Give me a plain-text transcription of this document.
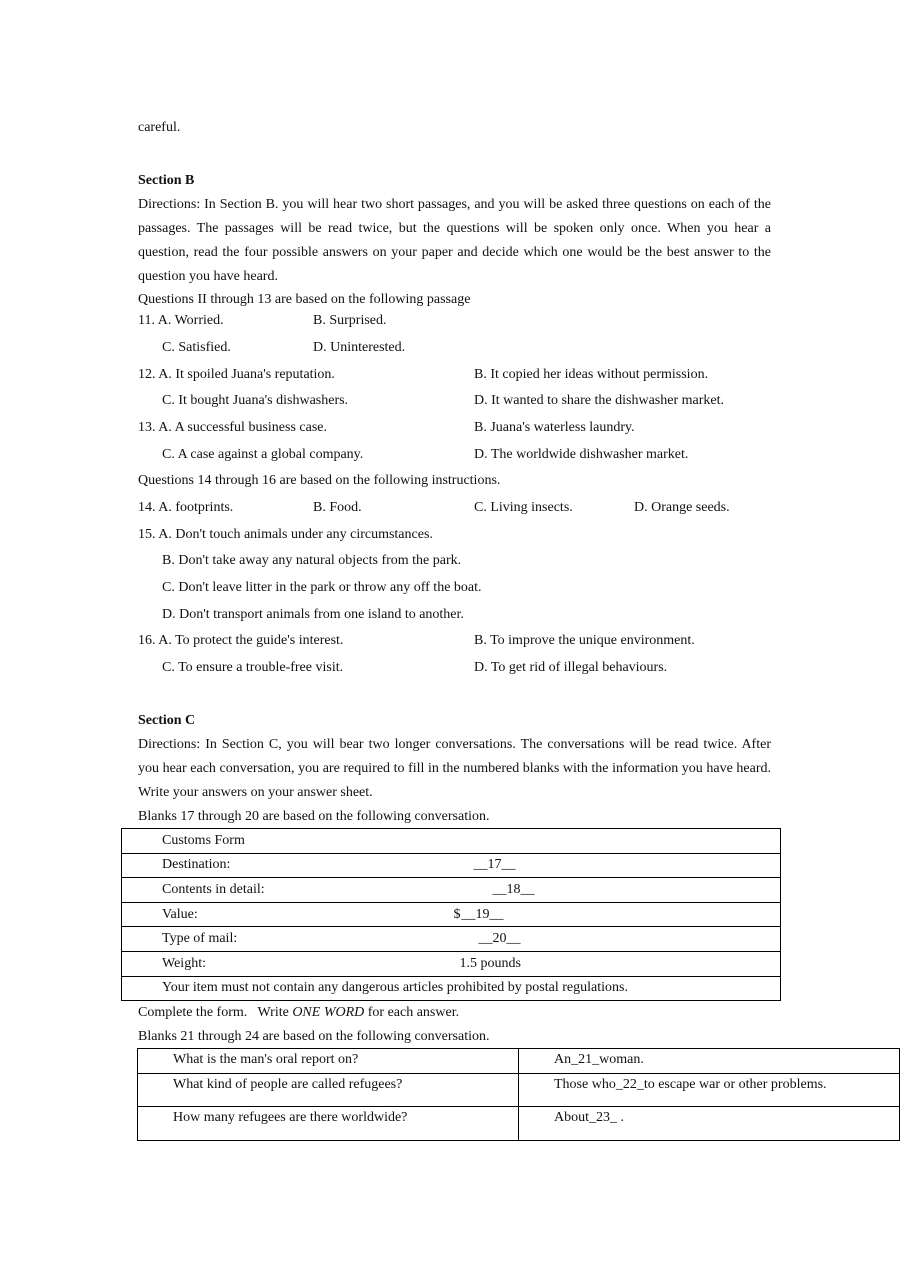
careful.
Section B
Directions: In Section B. you will hear two short passages, and you will be asked three questions on each of the passages. The passages will be read twice, but the questions will be spoken only once. When you hear a question, read the four possible answers on your paper and decide which one would be the best answer to the question you have heard.
Questions II through 13 are based on the following passage
11. A. Worried.	B. Surprised.
C. Satisfied.	D. Uninterested.
12. A. It spoiled Juana's reputation.	B. It copied her ideas without permission.
C. It bought Juana's dishwashers.	D. It wanted to share the dishwasher market.
13. A. A successful business case.	B. Juana's waterless laundry.
C. A case against a global company.	D. The worldwide dishwasher market.
Questions 14 through 16 are based on the following instructions.
14. A. footprints.	B. Food.	C. Living insects.	D. Orange seeds.
15. A. Don't touch animals under any circumstances.
B. Don't take away any natural objects from the park.
C. Don't leave litter in the park or throw any off the boat.
D. Don't transport animals from one island to another.
16. A. To protect the guide's interest.	B. To improve the unique environment.
C. To ensure a trouble-free visit.	D. To get rid of illegal behaviours.
Section C
Directions: In Section C, you will bear two longer conversations. The conversations will be read twice. After you hear each conversation, you are required to fill in the numbered blanks with the information you have heard. Write your answers on your answer sheet.
Blanks 17 through 20 are based on the following conversation.
Customs Form
Destination:	__17__

Contents in detail:	__18__

Value:	$ __19__

Type of mail:	__20__

Weight:	1.5 pounds

Your item must not contain any dangerous articles prohibited by postal regulations.
Complete the form.   Write ONE WORD for each answer.
Blanks 21 through 24 are based on the following conversation.
What is the man's oral report on?	An_21_woman.
What kind of people are called refugees?	Those who_22_to escape war or other problems.
How many refugees are there worldwide?	About_23_ .
